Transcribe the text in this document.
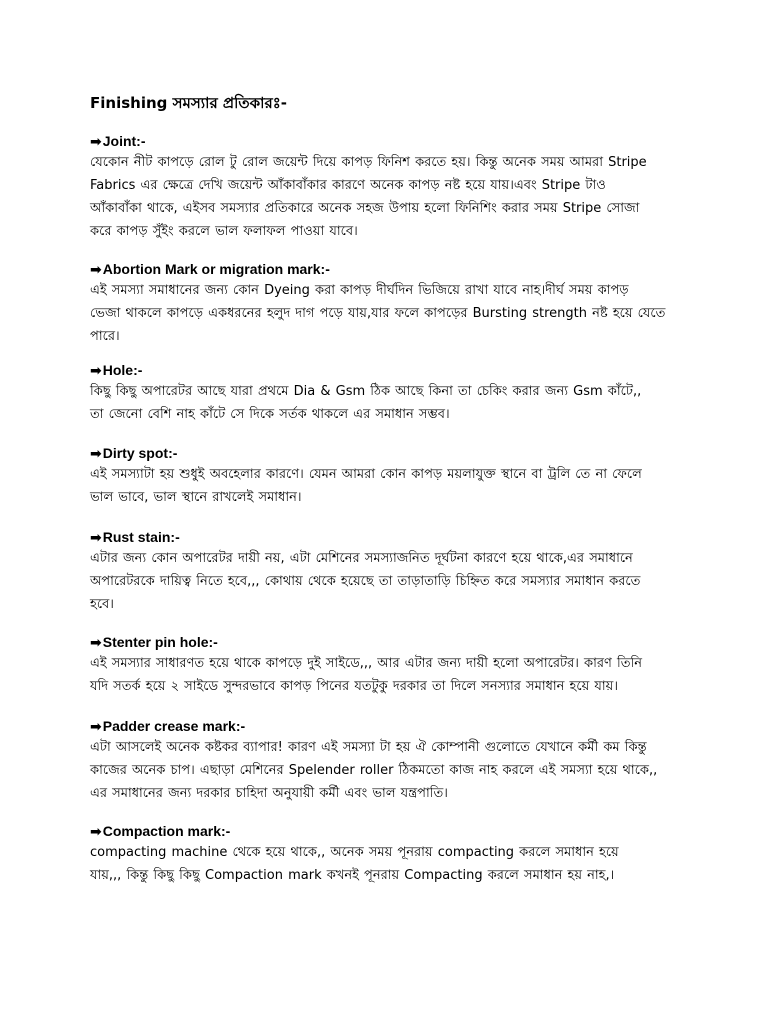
Finishing সমস্যার প্রতিকারঃ-
➡Joint:-
যেকোন নীট কাপড়ে রোল টু রোল জয়েন্ট দিয়ে কাপড় ফিনিশ করতে হয়। কিন্তু অনেক সময় আমরা Stripe
Fabrics এর ক্ষেত্রে দেখি জয়েন্ট আঁকাবাঁকার কারণে অনেক কাপড় নষ্ট হয়ে যায়।এবং Stripe টাও
আঁকাবাঁকা থাকে, এইসব সমস্যার প্রতিকারে অনেক সহজ উপায় হলো ফিনিশিং করার সময় Stripe সোজা
করে কাপড় সুঁইং করলে ভাল ফলাফল পাওয়া যাবে।
➡Abortion Mark or migration mark:-
এই সমস্যা সমাধানের জন্য কোন Dyeing করা কাপড় দীর্ঘদিন ভিজিয়ে রাখা যাবে নাহ।দীর্ঘ সময় কাপড়
ভেজা থাকলে কাপড়ে একধরনের হলুদ দাগ পড়ে যায়,যার ফলে কাপড়ের Bursting strength নষ্ট হয়ে যেতে
পারে।
➡Hole:-
কিছু কিছু অপারেটর আছে যারা প্রথমে Dia & Gsm ঠিক আছে কিনা তা চেকিং করার জন্য Gsm কাঁটে,,
তা জেনো বেশি নাহ কাঁটে সে দিকে সর্তক থাকলে এর সমাধান সম্ভব।
➡Dirty spot:-
এই সমস্যাটা হয় শুধুই অবহেলার কারণে। যেমন আমরা কোন কাপড় ময়লাযুক্ত স্থানে বা ট্রলি তে না ফেলে
ভাল ভাবে, ভাল স্থানে রাখলেই সমাধান।
➡Rust stain:-
এটার জন্য কোন অপারেটর দায়ী নয়, এটা মেশিনের সমস্যাজনিত দূর্ঘটনা কারণে হয়ে থাকে,এর সমাধানে
অপারেটরকে দায়িত্ব নিতে হবে,,, কোথায় থেকে হয়েছে তা তাড়াতাড়ি চিহ্নিত করে সমস্যার সমাধান করতে
হবে।
➡Stenter pin hole:-
এই সমস্যার সাধারণত হয়ে থাকে কাপড়ে দুই সাইডে,,, আর এটার জন্য দায়ী হলো অপারেটর। কারণ তিনি
যদি সতর্ক হয়ে ২ সাইডে সুন্দরভাবে কাপড় পিনের যতটুকু দরকার তা দিলে সনস্যার সমাধান হয়ে যায়।
➡Padder crease mark:-
এটা আসলেই অনেক কষ্টকর ব্যাপার! কারণ এই সমস্যা টা হয় ঐ কোম্পানী গুলোতে যেখানে কর্মী কম কিন্তু
কাজের অনেক চাপ। এছাড়া মেশিনের Spelender roller ঠিকমতো কাজ নাহ করলে এই সমস্যা হয়ে থাকে,,
এর সমাধানের জন্য দরকার চাহিদা অনুযায়ী কর্মী এবং ভাল যন্ত্রপাতি।
➡Compaction mark:-
compacting machine থেকে হয়ে থাকে,, অনেক সময় পূনরায় compacting করলে সমাধান হয়ে
যায়,,, কিন্তু কিছু কিছু Compaction mark কখনই পূনরায় Compacting করলে সমাধান হয় নাহ,।
